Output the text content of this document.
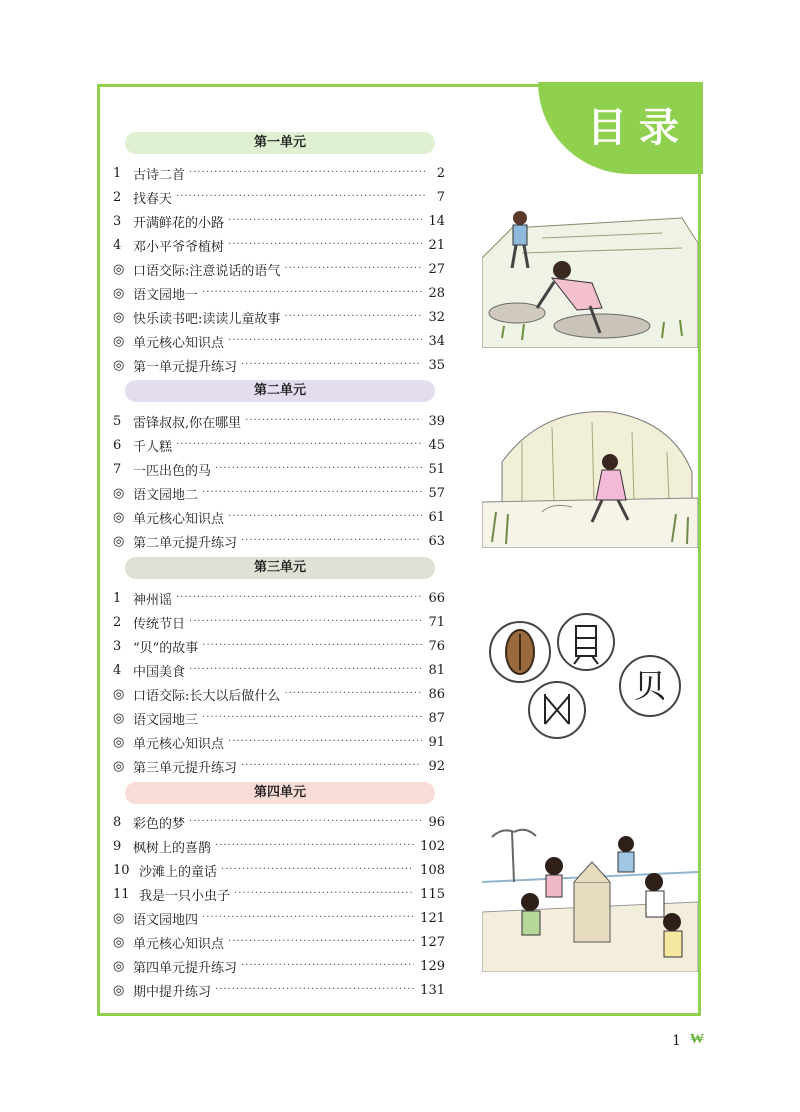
目录
第一单元
第二单元
第三单元
第四单元
1 古诗二首 ·····	2
2 找春天 ·····	7
3 开满鲜花的小路 ·····	14
4 邓小平爷爷植树 ·····	21
◎ 口语交际:注意说话的语气 ·····	27
◎ 语文园地一 ·····	28
◎ 快乐读书吧:读读儿童故事 ·····	32
◎ 单元核心知识点 ·····	34
◎ 第一单元提升练习 ·····	35
5 雷锋叔叔,你在哪里 ·····	39
6 千人糕 ·····	45
7 一匹出色的马 ·····	51
◎ 语文园地二 ·····	57
◎ 单元核心知识点 ·····	61
◎ 第二单元提升练习 ·····	63
1 神州谣 ·····	66
2 传统节日 ·····	71
3 “贝”的故事 ·····	76
4 中国美食 ·····	81
◎ 口语交际:长大以后做什么 ·····	86
◎ 语文园地三 ·····	87
◎ 单元核心知识点 ·····	91
◎ 第三单元提升练习 ·····	92
8 彩色的梦 ·····	96
9 枫树上的喜鹊 ·····	102
10 沙滩上的童话 ·····	108
11 我是一只小虫子 ·····	115
◎ 语文园地四 ·····	121
◎ 单元核心知识点 ·····	127
◎ 第四单元提升练习 ·····	129
◎ 期中提升练习 ·····	131
贝
1 ₩
